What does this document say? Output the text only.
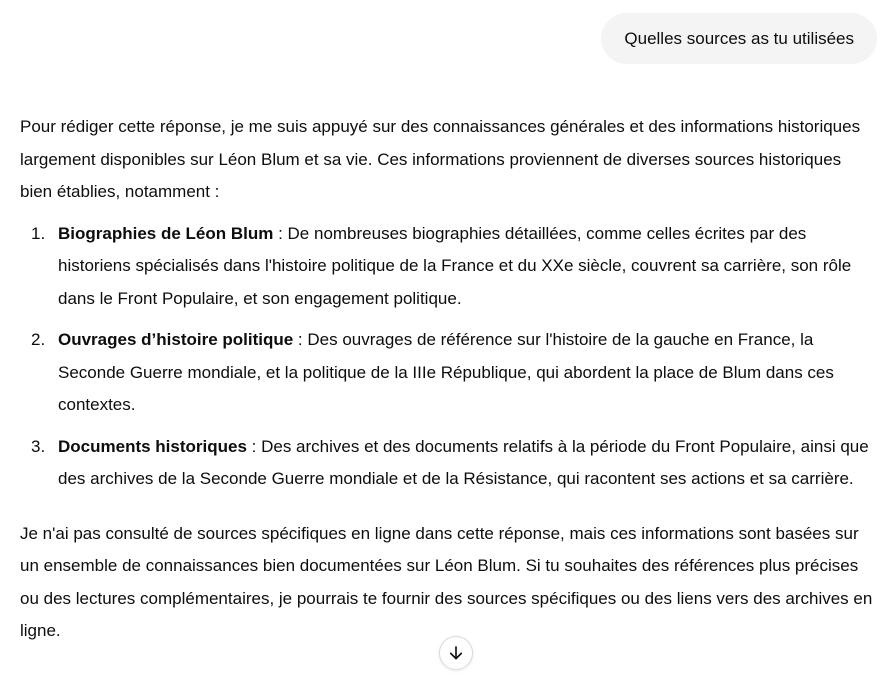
Quelles sources as tu utilisées

Pour rédiger cette réponse, je me suis appuyé sur des connaissances générales et des informations historiques largement disponibles sur Léon Blum et sa vie. Ces informations proviennent de diverses sources historiques bien établies, notamment :

1. Biographies de Léon Blum : De nombreuses biographies détaillées, comme celles écrites par des historiens spécialisés dans l'histoire politique de la France et du XXe siècle, couvrent sa carrière, son rôle dans le Front Populaire, et son engagement politique.
2. Ouvrages d’histoire politique : Des ouvrages de référence sur l'histoire de la gauche en France, la Seconde Guerre mondiale, et la politique de la IIIe République, qui abordent la place de Blum dans ces contextes.
3. Documents historiques : Des archives et des documents relatifs à la période du Front Populaire, ainsi que des archives de la Seconde Guerre mondiale et de la Résistance, qui racontent ses actions et sa carrière.

Je n'ai pas consulté de sources spécifiques en ligne dans cette réponse, mais ces informations sont basées sur un ensemble de connaissances bien documentées sur Léon Blum. Si tu souhaites des références plus précises ou des lectures complémentaires, je pourrais te fournir des sources spécifiques ou des liens vers des archives en ligne.
